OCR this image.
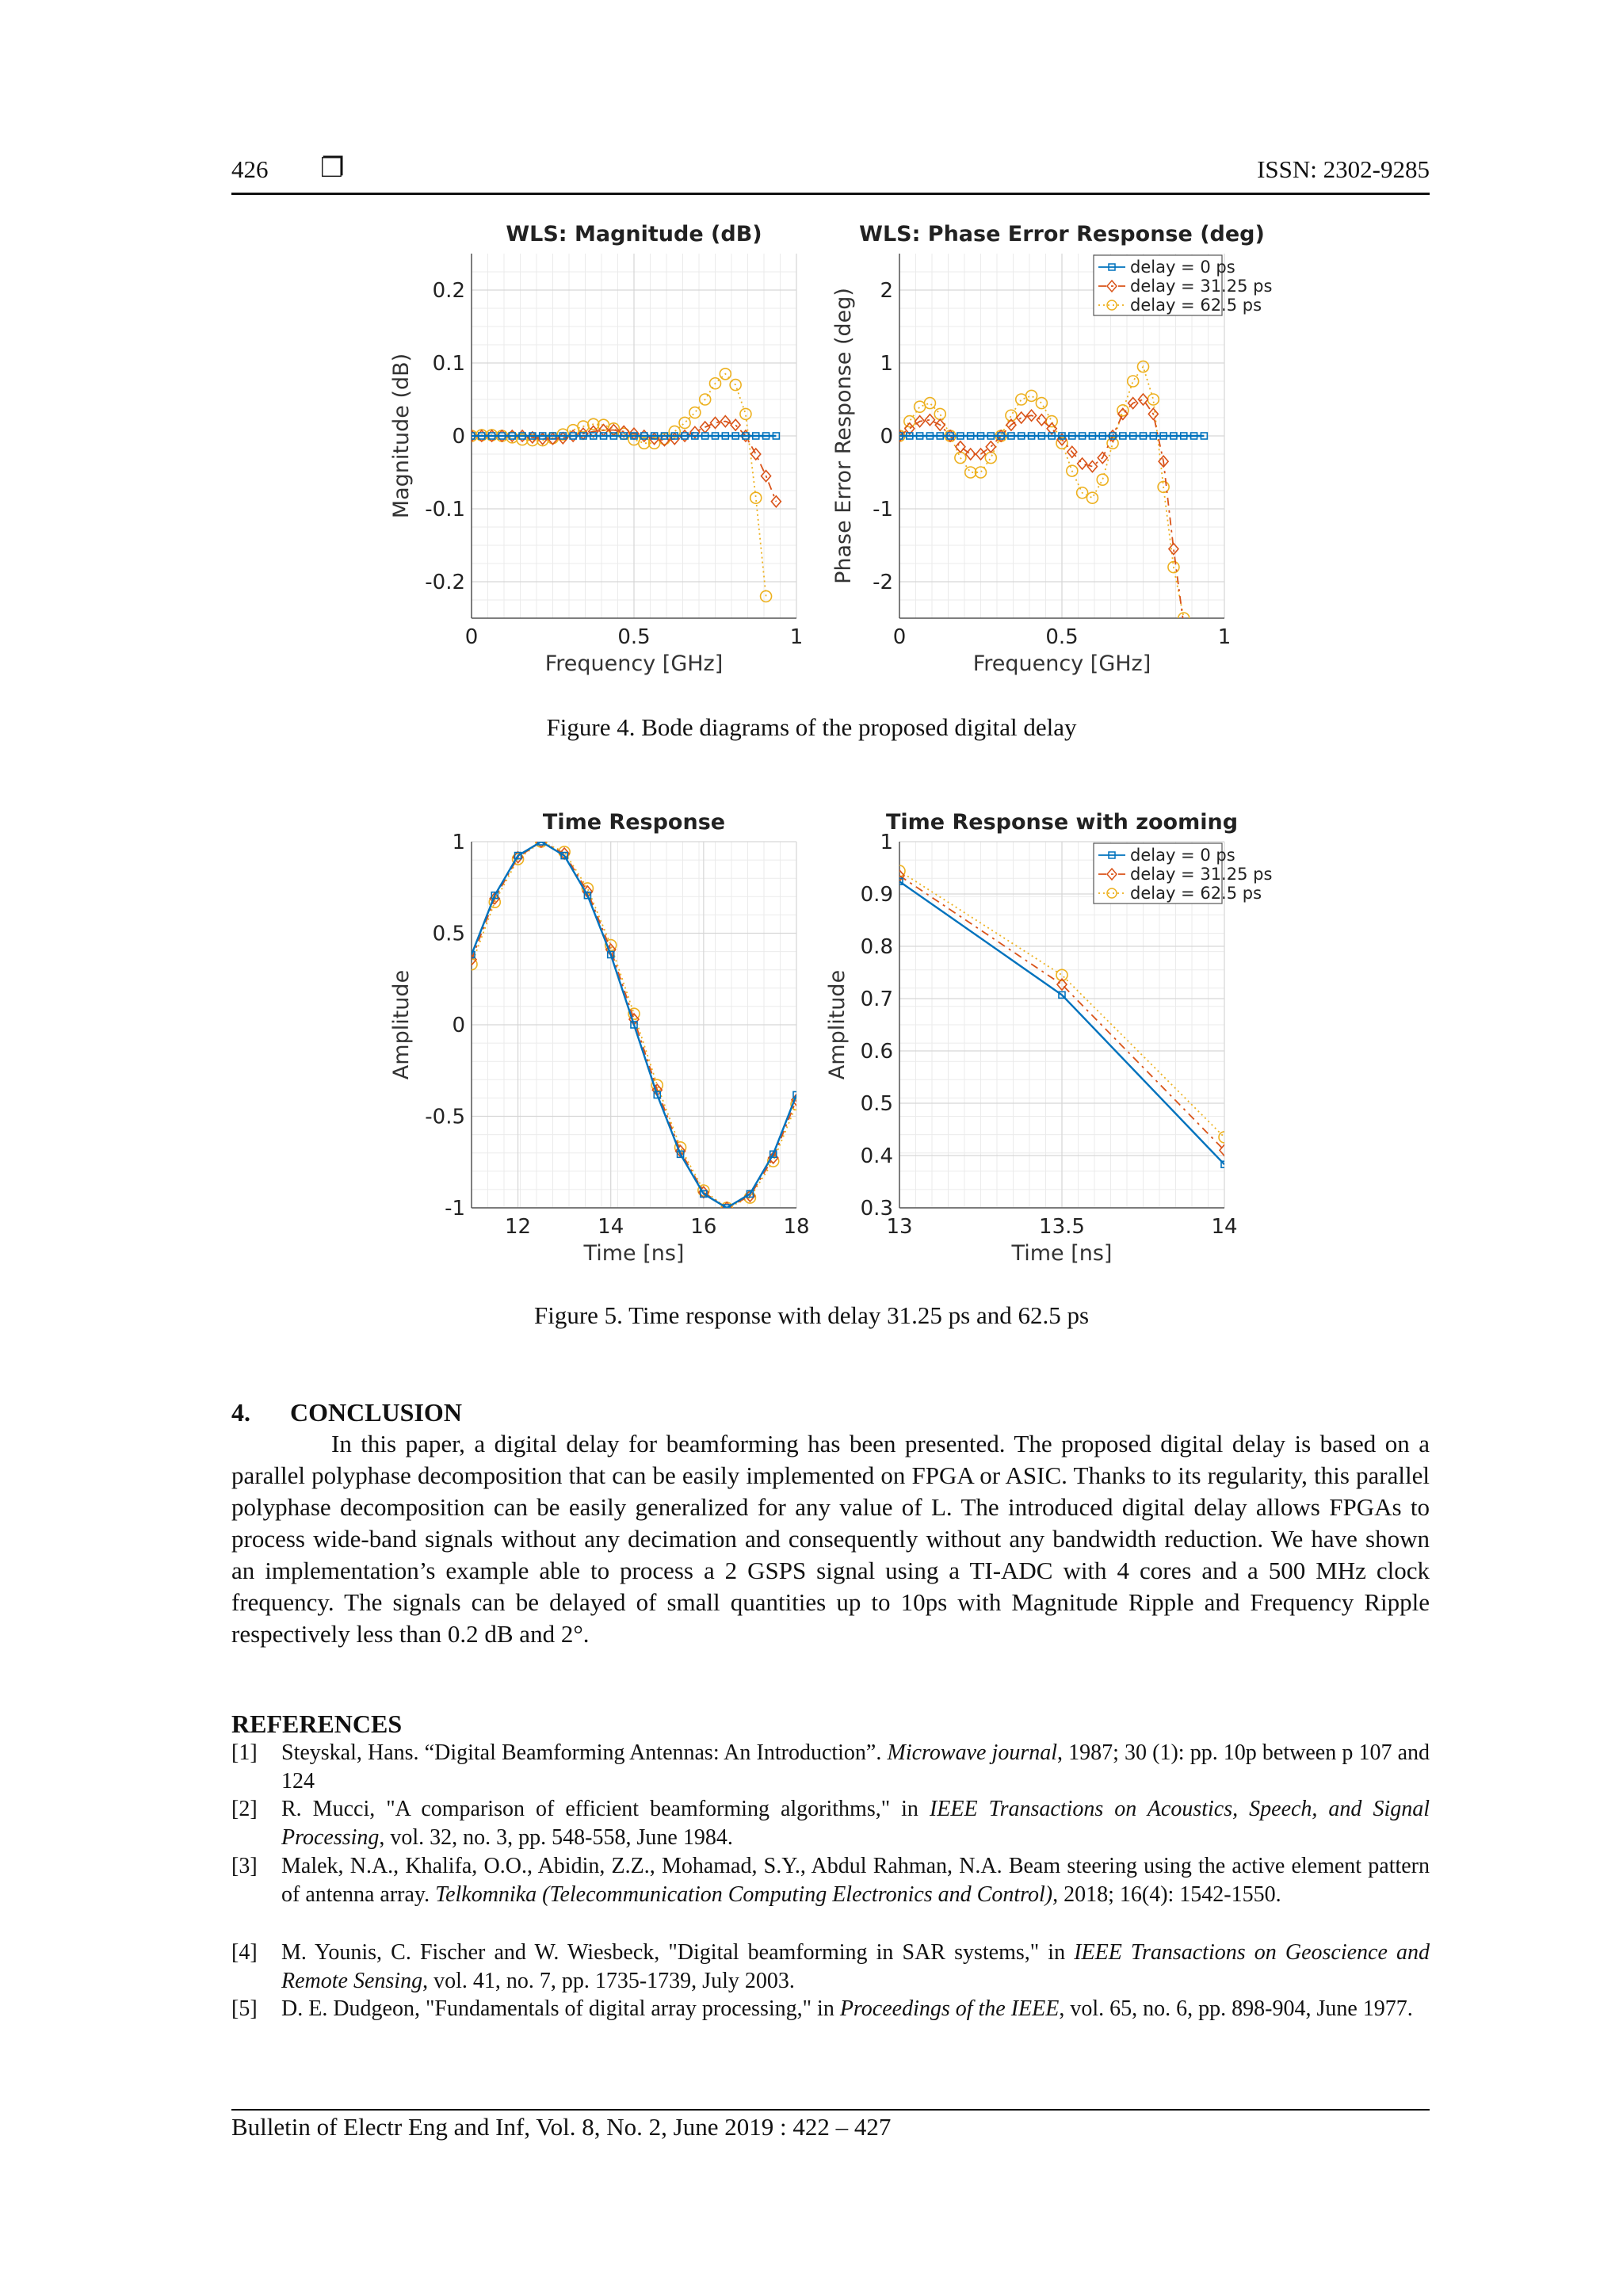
426 ❐	ISSN: 2302-9285
0	0.5	1
0.2
0.1
0
-0.1
-0.2
WLS: Magnitude (dB)
Frequency [GHz]
Magnitude (dB)
0	0.5	1
2
1
0
-1
-2
WLS: Phase Error Response (deg)
Frequency [GHz]
Phase Error Response (deg)
delay = 0 ps
delay = 31.25 ps
delay = 62.5 ps
Figure 4. Bode diagrams of the proposed digital delay
12	14	16	18
1
0.5
0
-0.5
-1
Time Response
Time [ns]
Amplitude
13	13.5	14
1
0.9
0.8
0.7
0.6
0.5
0.4
0.3
Time Response with zooming
Time [ns]
Amplitude
delay = 0 ps
delay = 31.25 ps
delay = 62.5 ps
Figure 5. Time response with delay 31.25 ps and 62.5 ps
4. CONCLUSION

In this paper, a digital delay for beamforming has been presented. The proposed digital delay is based on a parallel polyphase decomposition that can be easily implemented on FPGA or ASIC. Thanks to its regularity, this parallel polyphase decomposition can be easily generalized for any value of L. The introduced digital delay allows FPGAs to process wide-band signals without any decimation and consequently without any bandwidth reduction. We have shown an implementation’s example able to process a 2 GSPS signal using a TI-ADC with 4 cores and a 500 MHz clock frequency. The signals can be delayed of small quantities up to 10ps with Magnitude Ripple and Frequency Ripple respectively less than 0.2 dB and 2°.

REFERENCES
[1] Steyskal, Hans. “Digital Beamforming Antennas: An Introduction”. Microwave journal, 1987; 30 (1): pp. 10p between p 107 and 124
[2] R. Mucci, "A comparison of efficient beamforming algorithms," in IEEE Transactions on Acoustics, Speech, and Signal Processing, vol. 32, no. 3, pp. 548-558, June 1984.
[3] Malek, N.A., Khalifa, O.O., Abidin, Z.Z., Mohamad, S.Y., Abdul Rahman, N.A. Beam steering using the active element pattern of antenna array. Telkomnika (Telecommunication Computing Electronics and Control), 2018; 16(4): 1542-1550.
[4] M. Younis, C. Fischer and W. Wiesbeck, "Digital beamforming in SAR systems," in IEEE Transactions on Geoscience and Remote Sensing, vol. 41, no. 7, pp. 1735-1739, July 2003.
[5] D. E. Dudgeon, "Fundamentals of digital array processing," in Proceedings of the IEEE, vol. 65, no. 6, pp. 898-904, June 1977.
Bulletin of Electr Eng and Inf, Vol. 8, No. 2, June 2019 : 422 – 427
